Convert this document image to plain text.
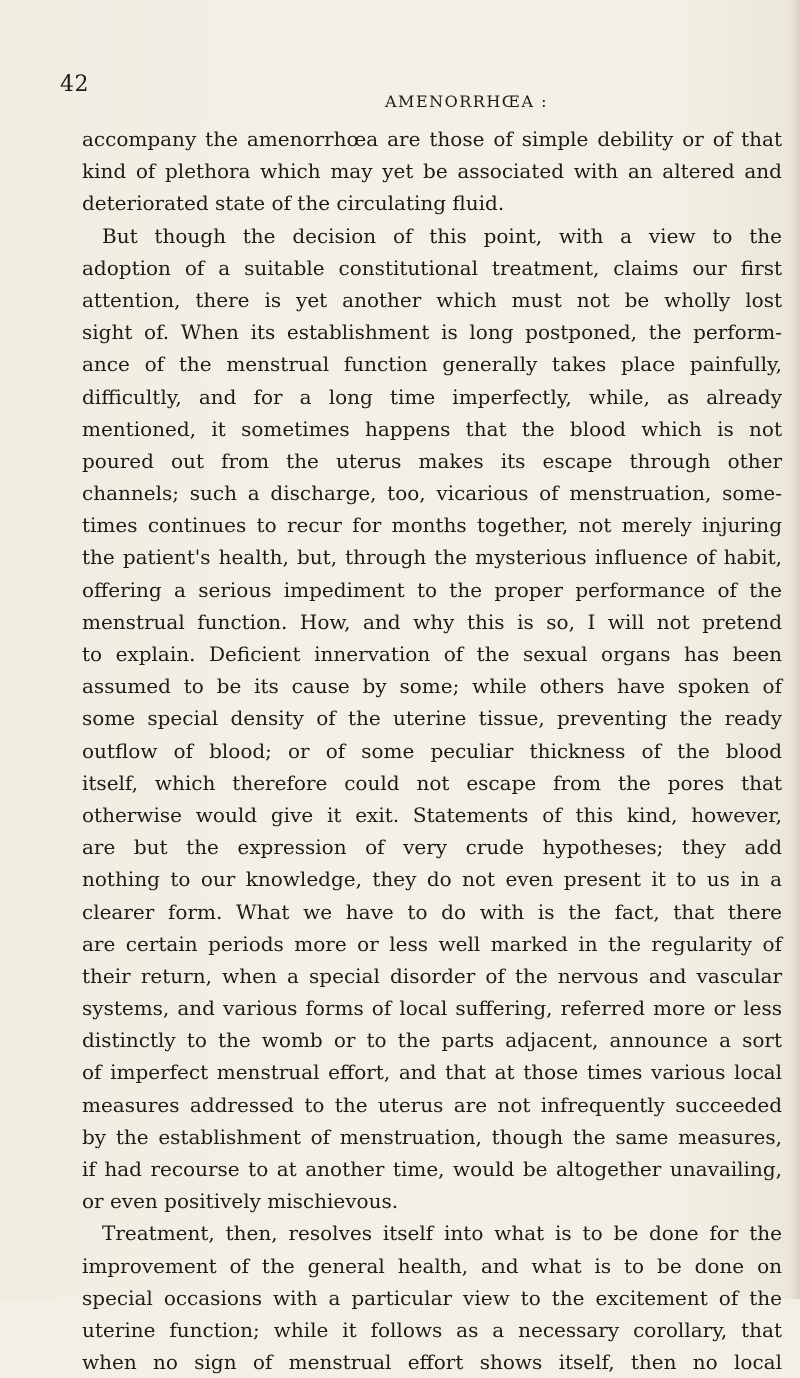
42
AMENORRHŒA :
accompany the amenorrhœa are those of simple debility or of that
kind of plethora which may yet be associated with an altered and
deteriorated state of the circulating fluid.
But though the decision of this point, with a view to the
adoption of a suitable constitutional treatment, claims our first
attention, there is yet another which must not be wholly lost
sight of. When its establishment is long postponed, the perform-
ance of the menstrual function generally takes place painfully,
difficultly, and for a long time imperfectly, while, as already
mentioned, it sometimes happens that the blood which is not
poured out from the uterus makes its escape through other
channels; such a discharge, too, vicarious of menstruation, some-
times continues to recur for months together, not merely injuring
the patient's health, but, through the mysterious influence of habit,
offering a serious impediment to the proper performance of the
menstrual function. How, and why this is so, I will not pretend
to explain. Deficient innervation of the sexual organs has been
assumed to be its cause by some; while others have spoken of
some special density of the uterine tissue, preventing the ready
outflow of blood; or of some peculiar thickness of the blood
itself, which therefore could not escape from the pores that
otherwise would give it exit. Statements of this kind, however,
are but the expression of very crude hypotheses; they add
nothing to our knowledge, they do not even present it to us in a
clearer form. What we have to do with is the fact, that there
are certain periods more or less well marked in the regularity of
their return, when a special disorder of the nervous and vascular
systems, and various forms of local suffering, referred more or less
distinctly to the womb or to the parts adjacent, announce a sort
of imperfect menstrual effort, and that at those times various local
measures addressed to the uterus are not infrequently succeeded
by the establishment of menstruation, though the same measures,
if had recourse to at another time, would be altogether unavailing,
or even positively mischievous.
Treatment, then, resolves itself into what is to be done for the
improvement of the general health, and what is to be done on
special occasions with a particular view to the excitement of the
uterine function; while it follows as a necessary corollary, that
when no sign of menstrual effort shows itself, then no local
